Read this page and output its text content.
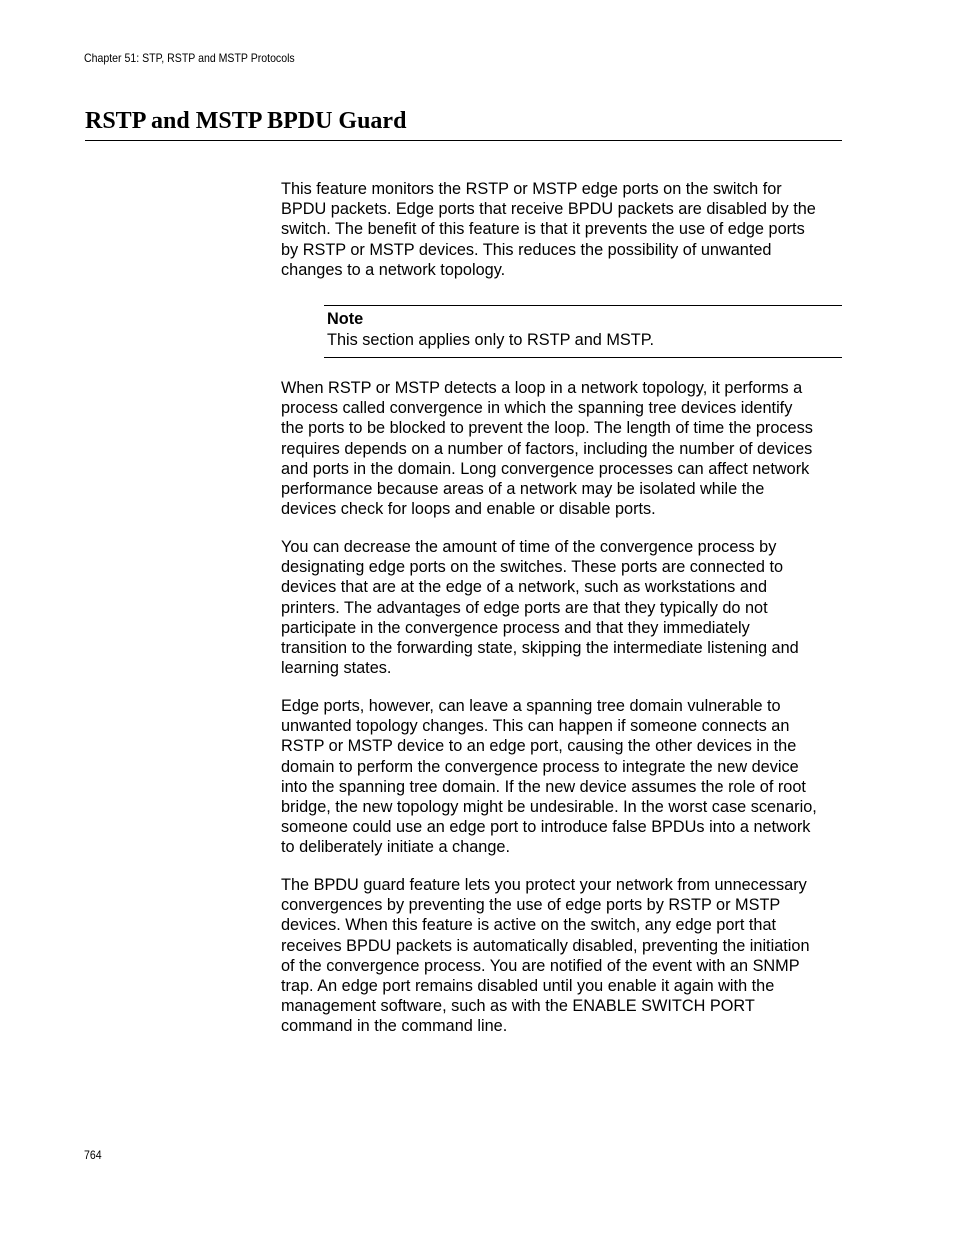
Chapter 51: STP, RSTP and MSTP Protocols
RSTP and MSTP BPDU Guard

This feature monitors the RSTP or MSTP edge ports on the switch for
BPDU packets. Edge ports that receive BPDU packets are disabled by the
switch. The benefit of this feature is that it prevents the use of edge ports
by RSTP or MSTP devices. This reduces the possibility of unwanted
changes to a network topology.

Note
This section applies only to RSTP and MSTP.

When RSTP or MSTP detects a loop in a network topology, it performs a
process called convergence in which the spanning tree devices identify
the ports to be blocked to prevent the loop. The length of time the process
requires depends on a number of factors, including the number of devices
and ports in the domain. Long convergence processes can affect network
performance because areas of a network may be isolated while the
devices check for loops and enable or disable ports.

You can decrease the amount of time of the convergence process by
designating edge ports on the switches. These ports are connected to
devices that are at the edge of a network, such as workstations and
printers. The advantages of edge ports are that they typically do not
participate in the convergence process and that they immediately
transition to the forwarding state, skipping the intermediate listening and
learning states.

Edge ports, however, can leave a spanning tree domain vulnerable to
unwanted topology changes. This can happen if someone connects an
RSTP or MSTP device to an edge port, causing the other devices in the
domain to perform the convergence process to integrate the new device
into the spanning tree domain. If the new device assumes the role of root
bridge, the new topology might be undesirable. In the worst case scenario,
someone could use an edge port to introduce false BPDUs into a network
to deliberately initiate a change.

The BPDU guard feature lets you protect your network from unnecessary
convergences by preventing the use of edge ports by RSTP or MSTP
devices. When this feature is active on the switch, any edge port that
receives BPDU packets is automatically disabled, preventing the initiation
of the convergence process. You are notified of the event with an SNMP
trap. An edge port remains disabled until you enable it again with the
management software, such as with the ENABLE SWITCH PORT
command in the command line.

764
